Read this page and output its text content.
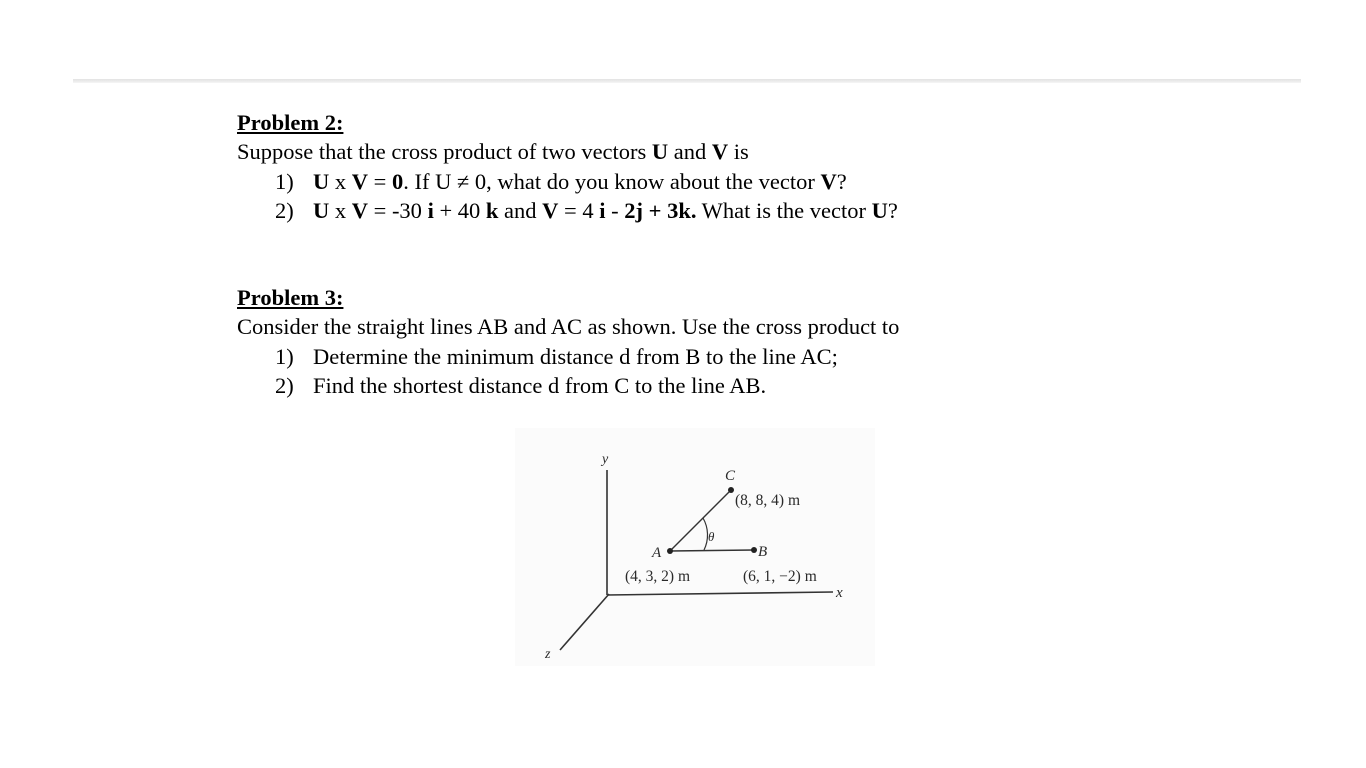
Problem 2:
Suppose that the cross product of two vectors U and V is
1) U x V = 0. If U ≠ 0, what do you know about the vector V?
2) U x V = -30 i + 40 k and V = 4 i - 2j + 3k. What is the vector U?
Problem 3:
Consider the straight lines AB and AC as shown. Use the cross product to
1) Determine the minimum distance d from B to the line AC;
2) Find the shortest distance d from C to the line AB.
y
x
z
θ
A	B
C
(4, 3, 2) m	(6, 1, −2) m
(8, 8, 4) m
